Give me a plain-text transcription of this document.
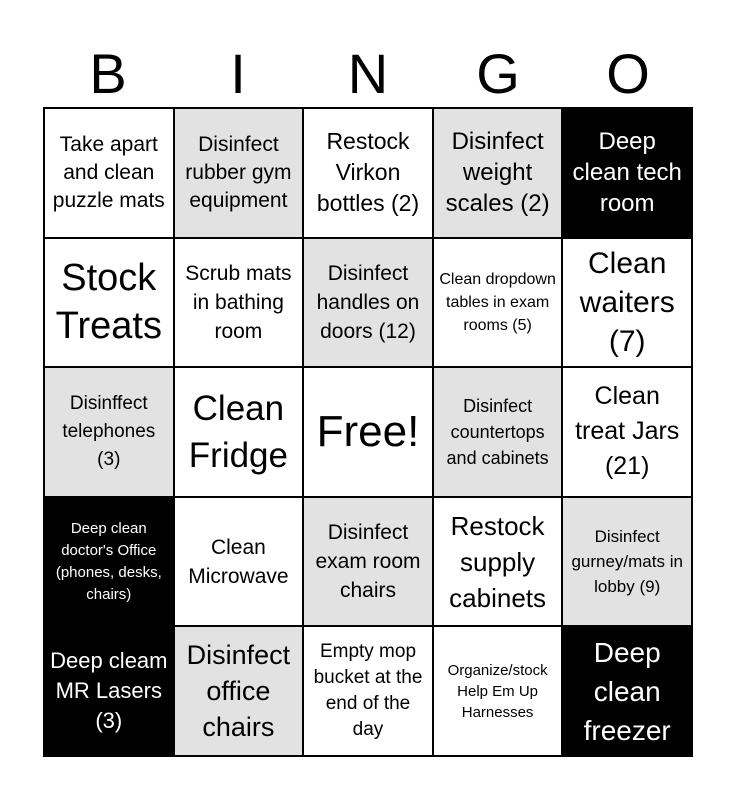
B	I	N	G	O
Take apart and clean puzzle mats
Disinfect rubber gym equipment
Restock Virkon bottles (2)
Disinfect weight scales (2)
Deep clean tech room
Stock Treats
Scrub mats in bathing room
Disinfect handles on doors (12)
Clean dropdown tables in exam rooms (5)
Clean waiters (7)
Disinffect telephones (3)
Clean Fridge Free!
Disinfect countertops and cabinets
Clean treat Jars (21)
Deep clean doctor's Office (phones, desks, chairs)
Clean Microwave
Disinfect exam room chairs
Restock supply cabinets
Disinfect gurney/mats in lobby (9)
Deep cleam MR Lasers (3)
Disinfect office chairs
Empty mop bucket at the end of the day
Organize/stock Help Em Up Harnesses
Deep clean freezer
